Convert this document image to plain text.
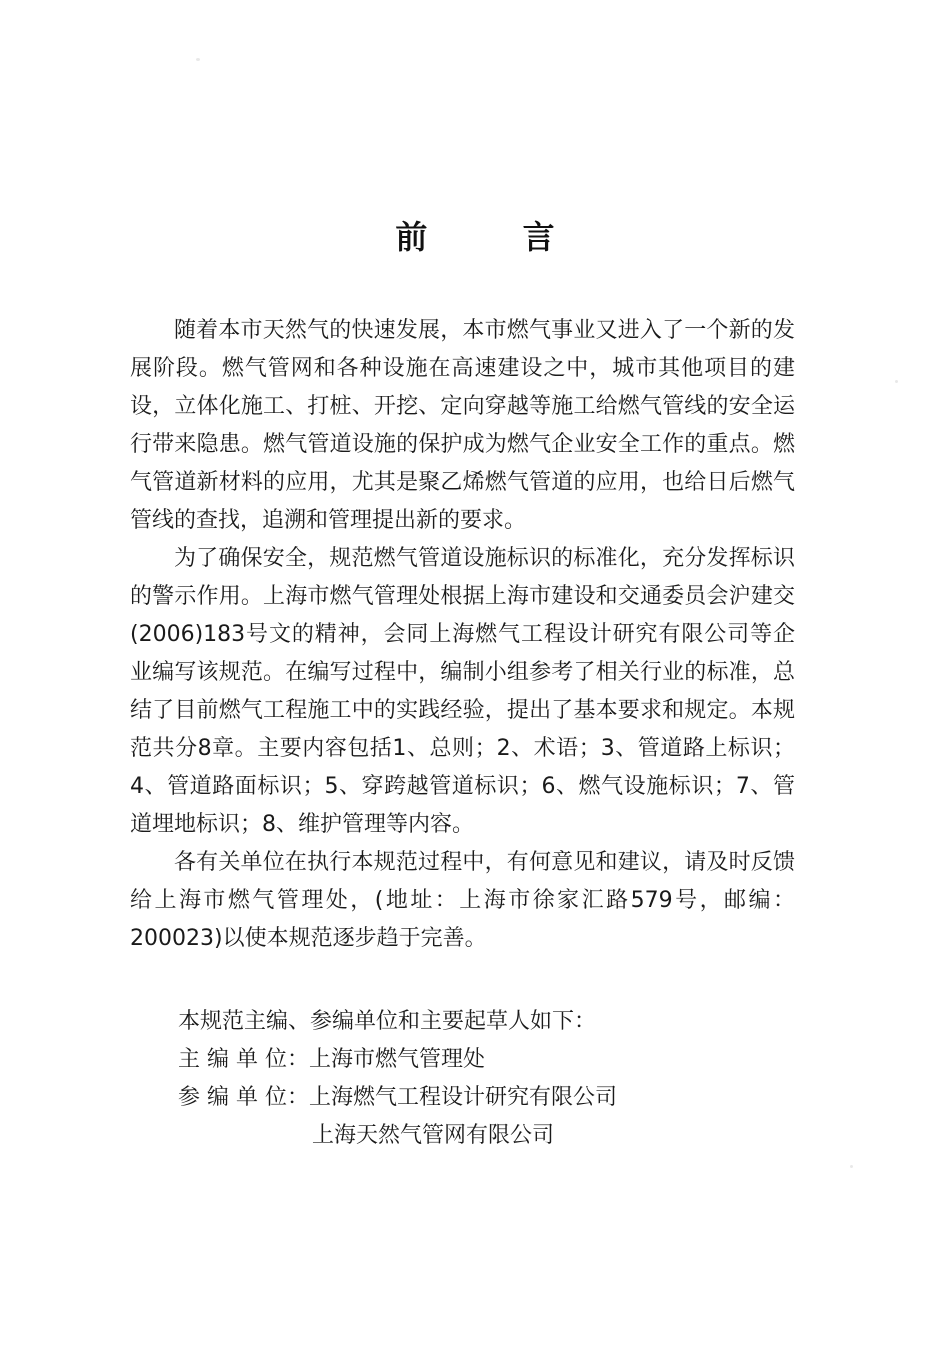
前 言

随着本市天然气的快速发展，本市燃气事业又进入了一个新的发展阶段。燃气管网和各种设施在高速建设之中，城市其他项目的建设，立体化施工、打桩、开挖、定向穿越等施工给燃气管线的安全运行带来隐患。燃气管道设施的保护成为燃气企业安全工作的重点。燃气管道新材料的应用，尤其是聚乙烯燃气管道的应用，也给日后燃气管线的查找，追溯和管理提出新的要求。

为了确保安全，规范燃气管道设施标识的标准化，充分发挥标识的警示作用。上海市燃气管理处根据上海市建设和交通委员会沪建交(2006)183号文的精神，会同上海燃气工程设计研究有限公司等企业编写该规范。在编写过程中，编制小组参考了相关行业的标准，总结了目前燃气工程施工中的实践经验，提出了基本要求和规定。本规范共分8章。主要内容包括1、总则；2、术语；3、管道路上标识；4、管道路面标识；5、穿跨越管道标识；6、燃气设施标识；7、管道埋地标识；8、维护管理等内容。

各有关单位在执行本规范过程中，有何意见和建议，请及时反馈给上海市燃气管理处，(地址：上海市徐家汇路579号，邮编：200023)以使本规范逐步趋于完善。

本规范主编、参编单位和主要起草人如下：
主 编 单 位：上海市燃气管理处
参 编 单 位：上海燃气工程设计研究有限公司
上海天然气管网有限公司
